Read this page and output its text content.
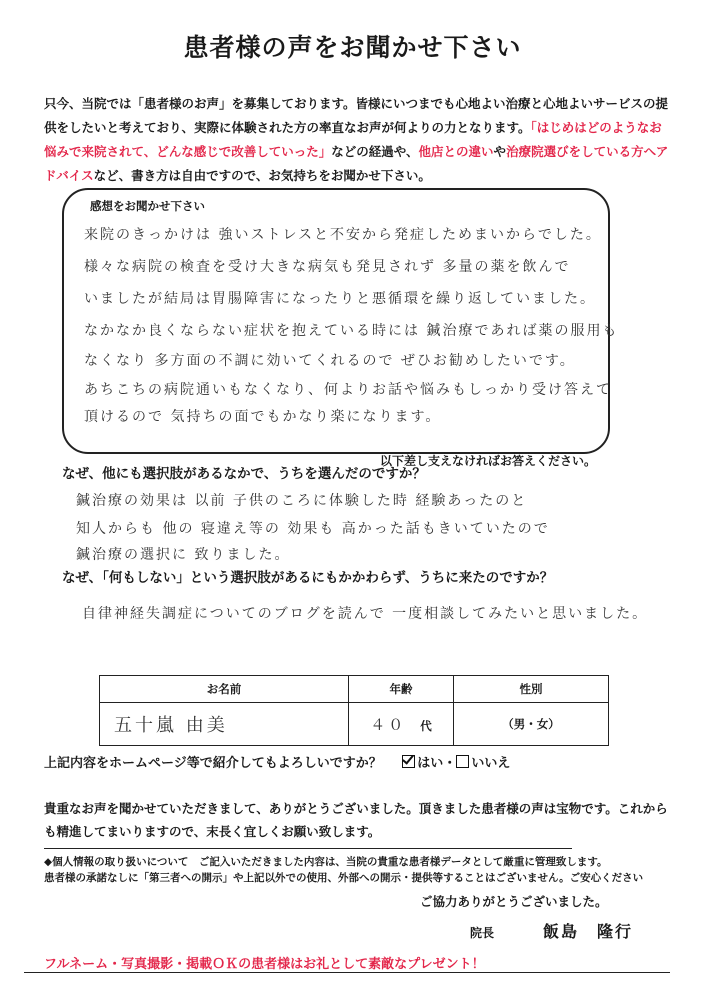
患者様の声をお聞かせ下さい
只今、当院では「患者様のお声」を募集しております。皆様にいつまでも心地よい治療と心地よいサービスの提供をしたいと考えており、実際に体験された方の率直なお声が何よりの力となります。「はじめはどのようなお悩みで来院されて、どんな感じで改善していった」などの経過や、他店との違いや治療院選びをしている方へアドバイスなど、書き方は自由ですので、お気持ちをお聞かせ下さい。
感想をお聞かせ下さい
来院のきっかけは 強いストレスと不安から発症しためまいからでした。
様々な病院の検査を受け大きな病気も発見されず 多量の薬を飲んで
いましたが結局は胃腸障害になったりと悪循環を繰り返していました。
なかなか良くならない症状を抱えている時には 鍼治療であれば薬の服用も
なくなり 多方面の不調に効いてくれるので ぜひお勧めしたいです。
あちこちの病院通いもなくなり、何よりお話や悩みもしっかり受け答えて
頂けるので 気持ちの面でもかなり楽になります。
以下差し支えなければお答えください。
なぜ、他にも選択肢があるなかで、うちを選んだのですか？
鍼治療の効果は 以前 子供のころに体験した時 経験あったのと
知人からも 他の 寝違え等の 効果も 高かった話もきいていたので
鍼治療の選択に 致りました。
なぜ、「何もしない」という選択肢があるにもかかわらず、うちに来たのですか？
自律神経失調症についてのブログを読んで 一度相談してみたいと思いました。
お名前	年齢	性別
五十嵐 由美	４０ 代	（男・女）
上記内容をホームページ等で紹介してもよろしいですか？	はい・ いいえ
貴重なお声を聞かせていただきまして、ありがとうございました。頂きました患者様の声は宝物です。これからも精進してまいりますので、末長く宜しくお願い致します。
◆個人情報の取り扱いについて　ご記入いただきました内容は、当院の貴重な患者様データとして厳重に管理致します。
患者様の承諾なしに「第三者への開示」や上記以外での使用、外部への開示・提供等することはございません。ご安心ください
ご協力ありがとうございました。
院長	飯島　隆行
フルネーム・写真撮影・掲載ＯＫの患者様はお礼として素敵なプレゼント！
